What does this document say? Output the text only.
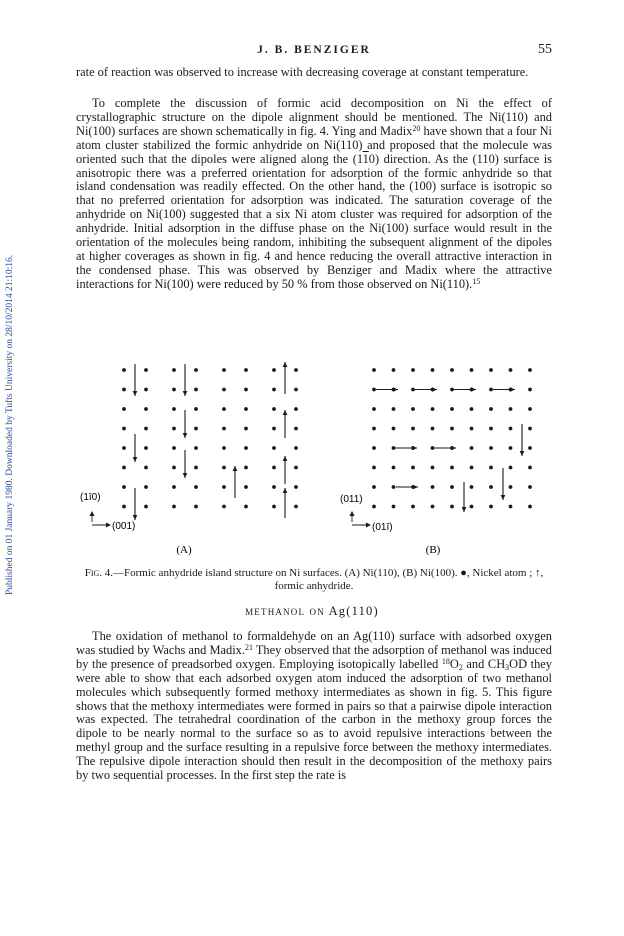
Published on 01 January 1980. Downloaded by Tufts University on 28/10/2014 21:10:16.
J. B. BENZIGER	55

rate of reaction was observed to increase with decreasing coverage at constant temperature.

To complete the discussion of formic acid decomposition on Ni the effect of crystallographic structure on the dipole alignment should be mentioned. The Ni(110) and Ni(100) surfaces are shown schematically in fig. 4. Ying and Madix$^{20}$ have shown that a four Ni atom cluster stabilized the formic anhydride on Ni(110) and proposed that the molecule was oriented such that the dipoles were aligned along the (110) direction. As the (110) surface is anisotropic there was a preferred orientation for adsorption of the formic anhydride so that island condensation was readily effected. On the other hand, the (100) surface is isotropic so that no preferred orientation for adsorption was indicated. The saturation coverage of the anhydride on Ni(100) suggested that a six Ni atom cluster was required for adsorption of the anhydride. Initial adsorption in the diffuse phase on the Ni(100) surface would result in the orientation of the molecules being random, inhibiting the subsequent alignment of the dipoles at higher coverages as shown in fig. 4 and hence reducing the overall attractive interaction in the condensed phase. This was observed by Benziger and Madix where the attractive interactions for Ni(100) were reduced by 50 % from those observed on Ni(110).$^{15}$

(1ī0)
(001)
(A)
(011)
(01ī)
(B)
Fig. 4.—Formic anhydride island structure on Ni surfaces. (A) Ni(110), (B) Ni(100). ●, Nickel atom ; ↑, formic anhydride.
methanol on Ag(110)

The oxidation of methanol to formaldehyde on an Ag(110) surface with adsorbed oxygen was studied by Wachs and Madix.$^{21}$ They observed that the adsorption of methanol was induced by the presence of preadsorbed oxygen. Employing isotopically labelled $^{18}O_2$ and $CH_3OD$ they were able to show that each adsorbed oxygen atom induced the adsorption of two methanol molecules which subsequently formed methoxy intermediates as shown in fig. 5. This figure shows that the methoxy intermediates were formed in pairs so that a pairwise dipole interaction was expected. The tetrahedral coordination of the carbon in the methoxy group forces the dipole to be nearly normal to the surface so as to avoid repulsive interactions between the methyl group and the surface resulting in a repulsive force between the methoxy intermediates. The repulsive dipole interaction should then result in the decomposition of the methoxy pairs by two sequential processes. In the first step the rate is
